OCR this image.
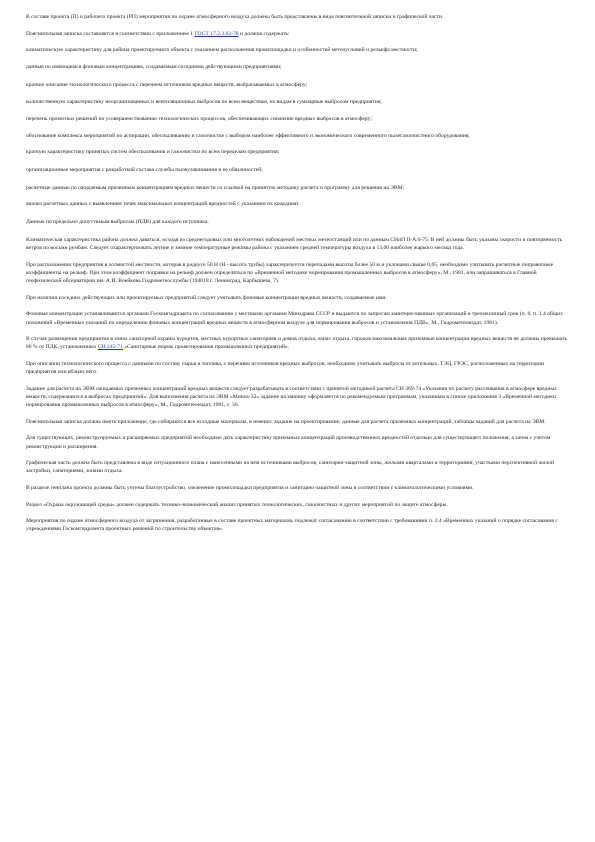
В составе проекта (П) и рабочего проекта (РП) мероприятия по охране атмосферного воздуха должны быть представлены в виде пояснительной записки и графической части.

Пояснительная записка составляется в соответствии с приложением 1 ГОСТ 17.2.3.02-78 и должна содержать:

климатическую характеристику для района проектируемого объекта с указанием расположения промплощадки и особенностей метеоусловий и рельефа местности;

данные по имеющимся фоновым концентрациям, создаваемым соседними действующими предприятиями;

краткое описание технологического процесса с перечнем источников вредных веществ, выбрасываемых в атмосферу;

количественную характеристику неорганизованных и вентиляционных выбросов по всем веществам, их видам в суммарные выбросом предприятия;

перечень проектных решений по усовершенствованию технологических процессов, обеспечивающих снижение вредных выбросов в атмосферу;

обоснование комплекса мероприятий по аспирации, обеспыливанию и газоочистке с выбором наиболее эффективного и экономического современного пылегазоочистного оборудования;

краткую характеристику принятых систем обеспыливания и газоочистки по всем переделам предприятия;

организационные мероприятия с разработкой состава службы пылеулавливания и ее обязанностей;

расчетные данные по ожидаемым приземным концентрациям вредных веществ со ссылкой на принятую методику расчета и программу для решения на ЭВМ;

анализ расчетных данных с выявлением точек максимальных концентраций вредностей с указанием их координат.

Данные по предельно допустимым выбросам (ПДВ) для каждого источника.

Климатическая характеристика района должна даваться, исходя из среднегодовых или многолетних наблюдений местных метеостанций или по данным СНиП II-А.6-75. В ней должны быть указаны скорости и повторяемость ветров по восьми румбам. Следует охарактеризовать летние и зимние температурные режимы района с указанием средней температуры воздуха в 13,00 наиболее жаркого месяца года.

При расположении предприятия в холмистой местности, которая в радиусе 50 Н (Н - высота трубы) характеризуется перепадами высоты более 50 м и уклонами свыше 0,05, необходимо учитывать расчетные поправочные коэффициенты на рельеф. При этом коэффициент поправки на рельеф должен определяться по «Временной методике нормирования промышленных выбросов в атмосферу», М., 1981, или запрашиваться в Главной геофизической обсерватории им. А.И. Воейкова Гидрометеослужбы (194018 г. Ленинград, Карбышева, 7).

При наличии соседних действующих или проектируемых предприятий следует учитывать фоновые концентрации вредных веществ, создаваемые ими.

Фоновые концентрации устанавливаются органами Госкомгидромета по согласованию с местными органами Минздрава СССР и выдаются по запросам заинтересованных организаций в трехмесячный срок (п. 6, п. 1.4 общих положений «Временных указаний по определению фоновых концентраций вредных веществ в атмосферном воздухе для нормирования выбросов и установления ПДВ», М., Гидрометеоиздат, 1981).

В случае размещения предприятия в зонах санаторной охраны курортов, местных курортных санаториев и домов отдыха, зонах отдыха, городов максимальные приземные концентрации вредных веществ не должны превышать 80 % от ПДК, установленных СН 245-71 «Санитарные нормы проектирования промышленных предприятий».

При описании технологического процесса с данными по составу сырья и топлива, с перечнем источников вредных выбросов, необходимо учитывать выбросы от котельных, ТЭЦ, ГРЭС, расположенных на территории предприятия или вблизи него.

Задание для расчета на ЭВМ ожидаемых приземных концентраций вредных веществ следует разрабатывать в соответствии с принятой методикой расчета СН 369-74 «Указания по расчету рассеивания в атмосфере вредных веществ, содержащихся в выбросах предприятий». Для выполнения расчета на ЭВМ «Минск-32» задание на машину оформляется по рекомендуемым программам, указанным в списке приложения 3 «Временной методики нормирования промышленных выбросов в атмосферу», М., Гидрометеоиздат, 1981, с. 56.

Пояснительная записка должна иметь приложение, где собираются все исходные материалы, в именно: задание на проектирование; данные для расчета приземных концентраций, таблицы заданий для расчета на ЭВМ.

Для существующих, реконструируемых и расширяемых предприятий необходимо дать характеристику приземных концентраций производственных вредностей отдельно для существующего положения, а затем с учетом реконструкции и расширения.

Графическая часть должна быть представлена в виде ситуационного плана с нанесенными на нем источниками выбросов, санитарно-защитной зоны, жилыми кварталами и территориями, участками перспективной жилой застройки, санаториями, зонами отдыха.

В разделе генплана проекта должны быть учтены благоустройство, озеленение промплощадки предприятия и санитарно-защитной зоны в соответствии с климатологическими условиями.

Раздел «Охрана окружающей среды» должен содержать технико-экономический анализ принятых технологических, газоочистных и других мероприятий по защите атмосферы.

Мероприятия по охране атмосферного воздуха от загрязнения, разработанные в составе проектных материалов, подлежат согласованию в соответствии с требованиями п. 2.4 «Временных указаний о порядке согласования с учреждениями Госкомгидромета проектных решений по строительству объектов».
